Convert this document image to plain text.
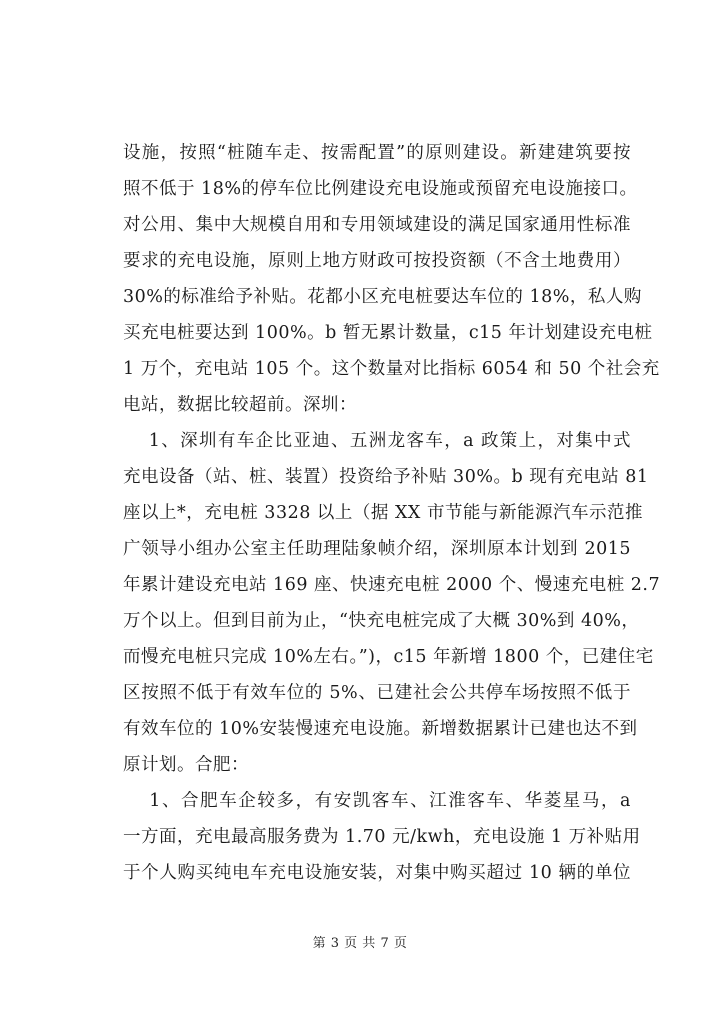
设施，按照“桩随车走、按需配置”的原则建设。新建建筑要按
照不低于 18%的停车位比例建设充电设施或预留充电设施接口。
对公用、集中大规模自用和专用领域建设的满足国家通用性标准
要求的充电设施，原则上地方财政可按投资额（不含土地费用）
30%的标准给予补贴。花都小区充电桩要达车位的 18%，私人购
买充电桩要达到 100%。b 暂无累计数量，c15 年计划建设充电桩
1 万个，充电站 105 个。这个数量对比指标 6054 和 50 个社会充
电站，数据比较超前。深圳：
　 1、深圳有车企比亚迪、五洲龙客车，a 政策上，对集中式
充电设备（站、桩、装置）投资给予补贴 30%。b 现有充电站 81
座以上*，充电桩 3328 以上（据 XX 市节能与新能源汽车示范推
广领导小组办公室主任助理陆象帧介绍，深圳原本计划到 2015
年累计建设充电站 169 座、快速充电桩 2000 个、慢速充电桩 2.7
万个以上。但到目前为止，“快充电桩完成了大概 30%到 40%，
而慢充电桩只完成 10%左右。”)，c15 年新增 1800 个，已建住宅
区按照不低于有效车位的 5%、已建社会公共停车场按照不低于
有效车位的 10%安装慢速充电设施。新增数据累计已建也达不到
原计划。合肥：
　 1、合肥车企较多，有安凯客车、江淮客车、华菱星马，a
一方面，充电最高服务费为 1.70 元/kwh，充电设施 1 万补贴用
于个人购买纯电车充电设施安装，对集中购买超过 10 辆的单位
第 3 页 共 7 页
